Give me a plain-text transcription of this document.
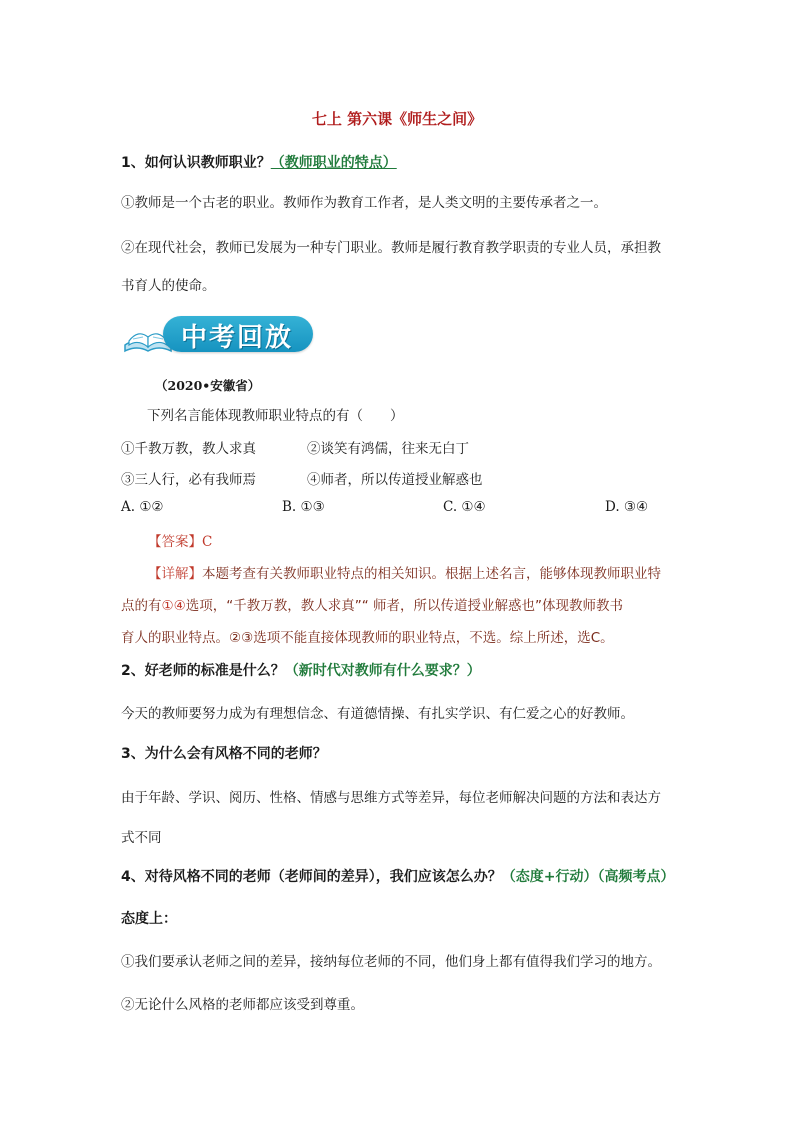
七上 第六课《师生之间》
1、如何认识教师职业？（教师职业的特点）
①教师是一个古老的职业。教师作为教育工作者，是人类文明的主要传承者之一。
②在现代社会，教师已发展为一种专门职业。教师是履行教育教学职责的专业人员，承担教
书育人的使命。
中考回放
（2020•安徽省）
下列名言能体现教师职业特点的有（　　）
①千教万教，教人求真	②谈笑有鸿儒，往来无白丁
③三人行，必有我师焉	④师者，所以传道授业解惑也
A. ①②	B. ①③	C. ①④	D. ③④
【答案】C
【详解】本题考查有关教师职业特点的相关知识。根据上述名言，能够体现教师职业特
点的有①④选项，“千教万教，教人求真”“ 师者，所以传道授业解惑也”体现教师教书
育人的职业特点。②③选项不能直接体现教师的职业特点，不选。综上所述，选C。
2、好老师的标准是什么？（新时代对教师有什么要求？）
今天的教师要努力成为有理想信念、有道德情操、有扎实学识、有仁爱之心的好教师。
3、为什么会有风格不同的老师？
由于年龄、学识、阅历、性格、情感与思维方式等差异，每位老师解决问题的方法和表达方
式不同
4、对待风格不同的老师（老师间的差异），我们应该怎么办？（态度+行动）（高频考点）
态度上：
①我们要承认老师之间的差异，接纳每位老师的不同，他们身上都有值得我们学习的地方。
②无论什么风格的老师都应该受到尊重。
